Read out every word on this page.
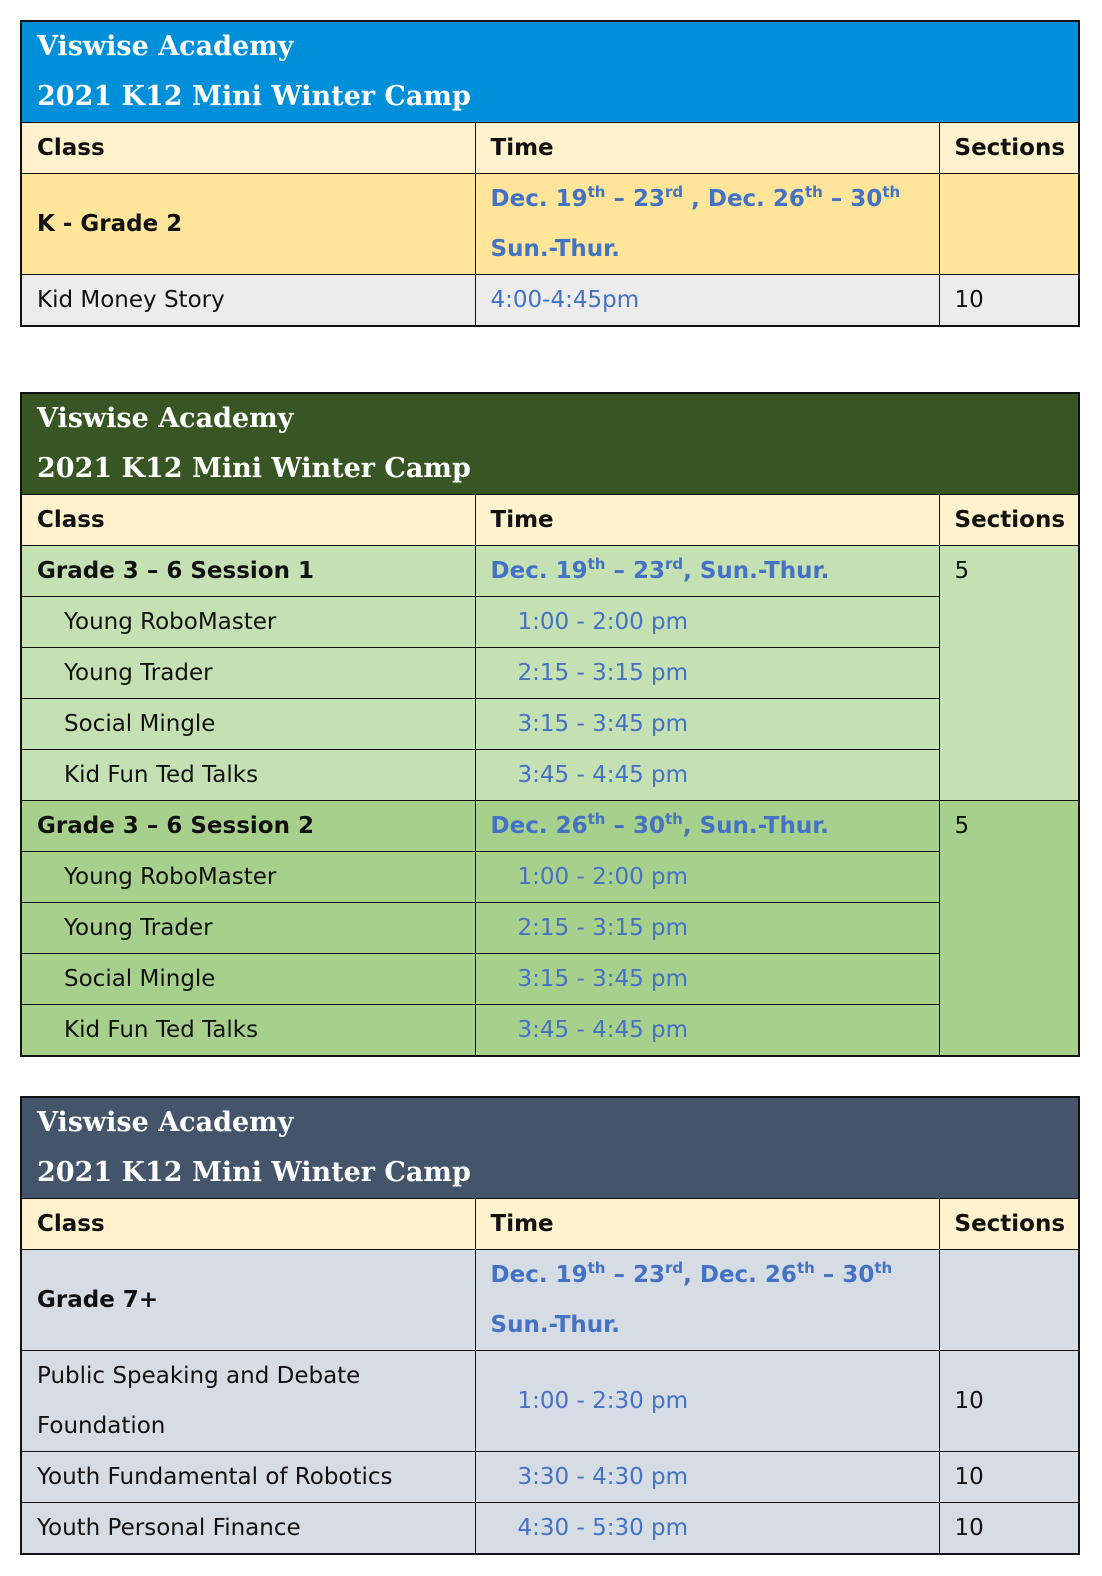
Viswise Academy
2021 K12 Mini Winter Camp		

Class	Time	Sections
K - Grade 2	Dec. 19th – 23rd , Dec. 26th – 30th
Sun.-Thur.	

Kid Money Story	4:00-4:45pm	10
Viswise Academy
2021 K12 Mini Winter Camp		

Class	Time	Sections
Grade 3 – 6 Session 1	Dec. 19th – 23rd, Sun.-Thur.	5
Young RoboMaster	1:00 - 2:00 pm	
Young Trader	2:15 - 3:15 pm	
Social Mingle	3:15 - 3:45 pm	
Kid Fun Ted Talks	3:45 - 4:45 pm	
Grade 3 – 6 Session 2	Dec. 26th – 30th, Sun.-Thur.	5
Young RoboMaster	1:00 - 2:00 pm	
Young Trader	2:15 - 3:15 pm	
Social Mingle	3:15 - 3:45 pm	
Kid Fun Ted Talks	3:45 - 4:45 pm	
Viswise Academy
2021 K12 Mini Winter Camp		

Class	Time	Sections
Grade 7+	Dec. 19th – 23rd, Dec. 26th – 30th
Sun.-Thur.	

Public Speaking and Debate
Foundation	1:00 - 2:30 pm	10
Youth Fundamental of Robotics	3:30 - 4:30 pm	10
Youth Personal Finance	4:30 - 5:30 pm	10
